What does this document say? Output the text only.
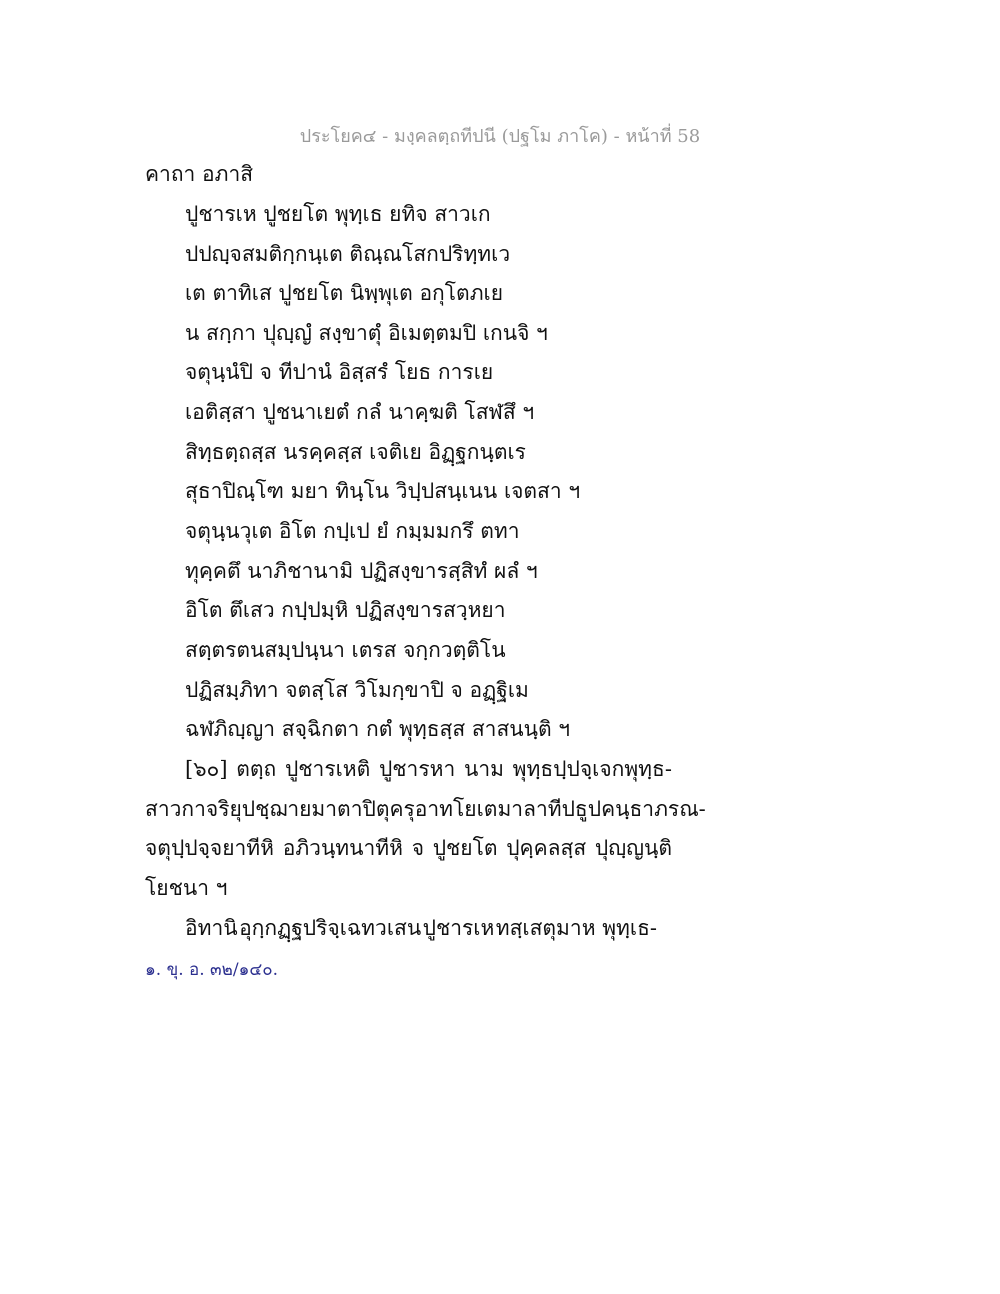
ประโยค๔ - มงฺคลตฺถทีปนี (ปฐโม ภาโค) - หน้าที่ 58
คาถา อภาสิ
ปูชารเห ปูชยโต พุทฺเธ ยทิจ สาวเก
ปปญฺจสมติกฺกนฺเต ติณฺณโสกปริทฺทเว
เต ตาทิเส ปูชยโต นิพฺพุเต อกุโตภเย
น สกฺกา ปุญฺญํ สงฺขาตุํ อิเมตฺตมปิ เกนจิ ฯ
จตุนฺนํปิ จ ทีปานํ อิสฺสรํ โยธ การเย
เอติสฺสา ปูชนาเยตํ กลํ นาคฺฆติ โสฬสึ ฯ
สิทฺธตฺถสฺส นรคฺคสฺส เจติเย อิฏฺฐกนฺตเร
สุธาปิณฺโฑ มยา ทินฺโน วิปฺปสนฺเนน เจตสา ฯ
จตุนฺนวุเต อิโต กปฺเป ยํ กมฺมมกรึ ตทา
ทุคฺคตึ นาภิชานามิ ปฏิสงฺขารสฺสิทํ ผลํ ฯ
อิโต ตึเสว กปฺปมฺหิ ปฏิสงฺขารสวฺหยา
สตฺตรตนสมฺปนฺนา เตรส จกฺกวตฺติโน
ปฏิสมฺภิทา จตสฺโส วิโมกฺขาปิ จ อฏฺฐิเม
ฉฬภิญฺญา สจฺฉิกตา กตํ พุทฺธสฺส สาสนนฺติ ฯ
[๖๐] ตตฺถ ปูชารเหติ ปูชารหา นาม พุทฺธปฺปจฺเจกพุทฺธ-
สาวกาจริยุปชฺฌายมาตาปิตุครุอาทโย เต มาลาทีปธูปคนฺธาภรณ-
จตุปฺปจฺจยาทีหิ อภิวนฺทนาทีหิ จ ปูชยโต ปุคฺคลสฺส ปุญฺญนฺติ
โยชนา ฯ
อิทานิ อุกฺกฏฺฐปริจฺเฉทวเสน ปูชารเห ทสฺเสตุมาห พุทฺเธ-
๑. ขุ. อ. ๓๒/๑๔๐.
